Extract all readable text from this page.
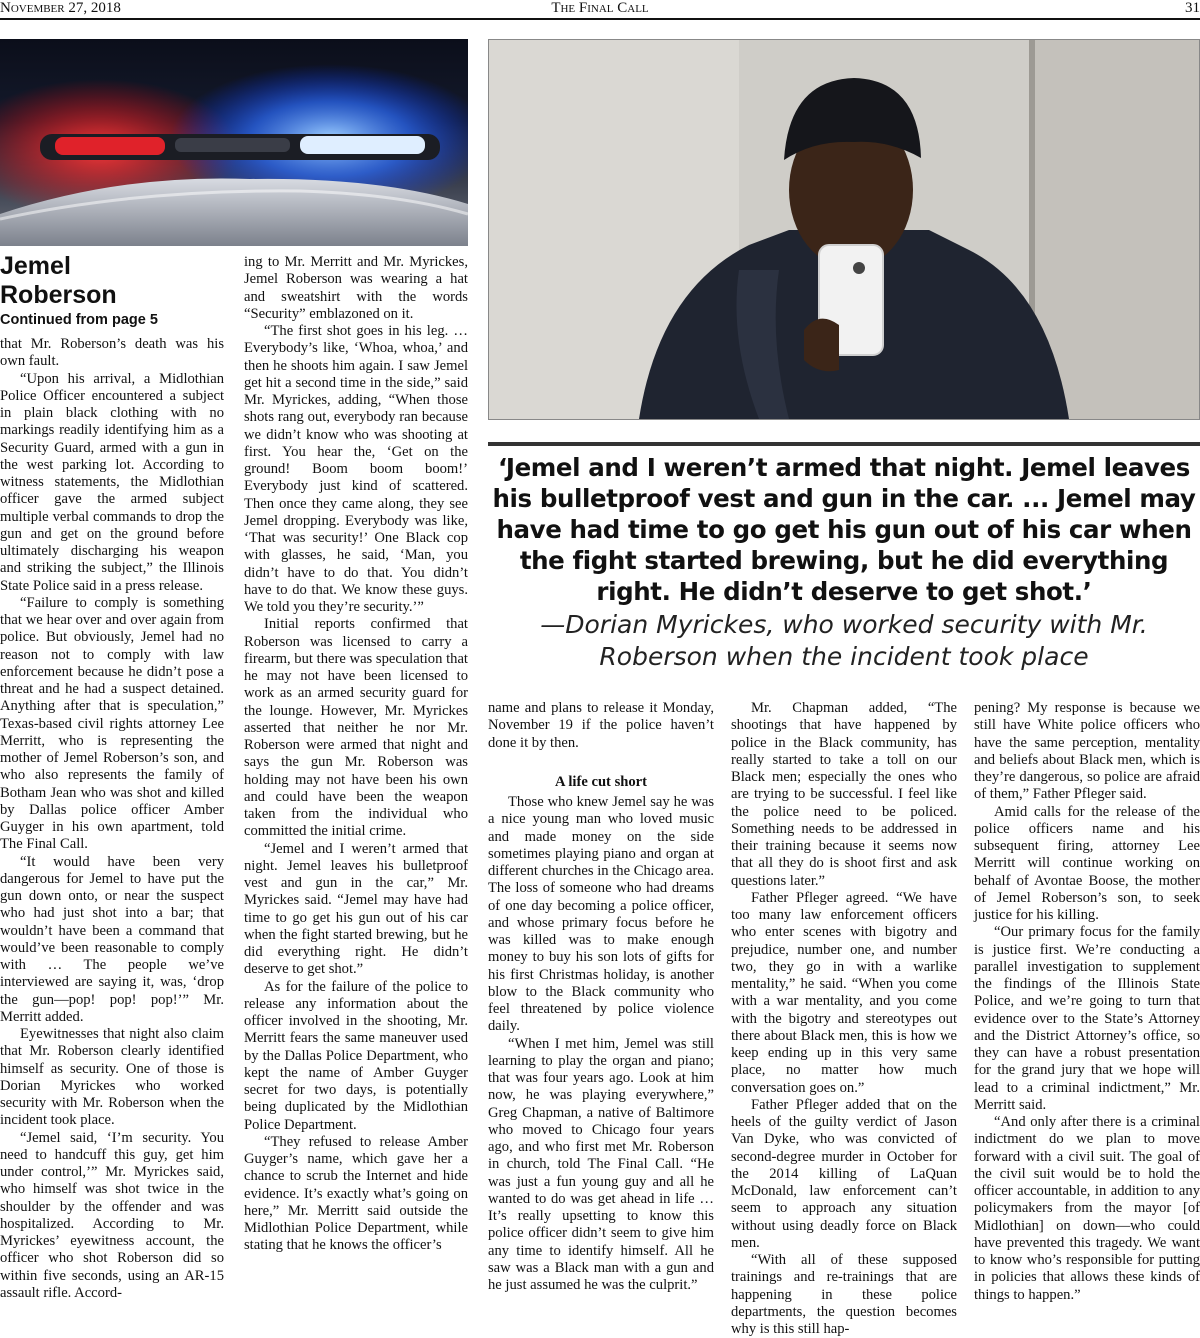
November 27, 2018	The Final Call	31
Jemel
Roberson
Continued from page 5

that Mr. Roberson’s death was his own fault.

“Upon his arrival, a Midlothian Police Officer encountered a subject in plain black clothing with no markings readily identifying him as a Security Guard, armed with a gun in the west parking lot. According to witness statements, the Midlothian officer gave the armed subject multiple verbal commands to drop the gun and get on the ground before ultimately discharging his weapon and striking the subject,” the Illinois State Police said in a press release.

“Failure to comply is something that we hear over and over again from police. But obviously, Jemel had no reason not to comply with law enforcement because he didn’t pose a threat and he had a suspect detained. Anything after that is speculation,” Texas-based civil rights attorney Lee Merritt, who is representing the mother of Jemel Roberson’s son, and who also represents the family of Botham Jean who was shot and killed by Dallas police officer Amber Guyger in his own apartment, told The Final Call.

“It would have been very dangerous for Jemel to have put the gun down onto, or near the suspect who had just shot into a bar; that wouldn’t have been a command that would’ve been reasonable to comply with … The people we’ve interviewed are saying it, was, ‘drop the gun—pop! pop! pop!’” Mr. Merritt added.

Eyewitnesses that night also claim that Mr. Roberson clearly identified himself as security. One of those is Dorian Myrickes who worked security with Mr. Roberson when the incident took place.

“Jemel said, ‘I’m security. You need to handcuff this guy, get him under control,’” Mr. Myrickes said, who himself was shot twice in the shoulder by the offender and was hospitalized. According to Mr. Myrickes’ eyewitness account, the officer who shot Roberson did so within five seconds, using an AR-15 assault rifle. Accord-

ing to Mr. Merritt and Mr. Myrickes, Jemel Roberson was wearing a hat and sweatshirt with the words “Security” emblazoned on it.

“The first shot goes in his leg. … Everybody’s like, ‘Whoa, whoa,’ and then he shoots him again. I saw Jemel get hit a second time in the side,” said Mr. Myrickes, adding, “When those shots rang out, everybody ran because we didn’t know who was shooting at first. You hear the, ‘Get on the ground! Boom boom boom!’ Everybody just kind of scattered. Then once they came along, they see Jemel dropping. Everybody was like, ‘That was security!’ One Black cop with glasses, he said, ‘Man, you didn’t have to do that. You didn’t have to do that. We know these guys. We told you they’re security.’”

Initial reports confirmed that Roberson was licensed to carry a firearm, but there was speculation that he may not have been licensed to work as an armed security guard for the lounge. However, Mr. Myrickes asserted that neither he nor Mr. Roberson were armed that night and says the gun Mr. Roberson was holding may not have been his own and could have been the weapon taken from the individual who committed the initial crime.

“Jemel and I weren’t armed that night. Jemel leaves his bulletproof vest and gun in the car,” Mr. Myrickes said. “Jemel may have had time to go get his gun out of his car when the fight started brewing, but he did everything right. He didn’t deserve to get shot.”

As for the failure of the police to release any information about the officer involved in the shooting, Mr. Merritt fears the same maneuver used by the Dallas Police Department, who kept the name of Amber Guyger secret for two days, is potentially being duplicated by the Midlothian Police Department.

“They refused to release Amber Guyger’s name, which gave her a chance to scrub the Internet and hide evidence. It’s exactly what’s going on here,” Mr. Merritt said outside the Midlothian Police Department, while stating that he knows the officer’s

‘Jemel and I weren’t armed that night. Jemel leaves his bulletproof vest and gun in the car. ... Jemel may have had time to go get his gun out of his car when the fight started brewing, but he did everything right. He didn’t deserve to get shot.’
—Dorian Myrickes, who worked security with Mr. Roberson when the incident took place

name and plans to release it Monday, November 19 if the police haven’t done it by then.

A life cut short

Those who knew Jemel say he was a nice young man who loved music and made money on the side sometimes playing piano and organ at different churches in the Chicago area. The loss of someone who had dreams of one day becoming a police officer, and whose primary focus before he was killed was to make enough money to buy his son lots of gifts for his first Christmas holiday, is another blow to the Black community who feel threatened by police violence daily.

“When I met him, Jemel was still learning to play the organ and piano; that was four years ago. Look at him now, he was playing everywhere,” Greg Chapman, a native of Baltimore who moved to Chicago four years ago, and who first met Mr. Roberson in church, told The Final Call. “He was just a fun young guy and all he wanted to do was get ahead in life … It’s really upsetting to know this police officer didn’t seem to give him any time to identify himself. All he saw was a Black man with a gun and he just assumed he was the culprit.”

Mr. Chapman added, “The shootings that have happened by police in the Black community, has really started to take a toll on our Black men; especially the ones who are trying to be successful. I feel like the police need to be policed. Something needs to be addressed in their training because it seems now that all they do is shoot first and ask questions later.”

Father Pfleger agreed. “We have too many law enforcement officers who enter scenes with bigotry and prejudice, number one, and number two, they go in with a warlike mentality,” he said. “When you come with a war mentality, and you come with the bigotry and stereotypes out there about Black men, this is how we keep ending up in this very same place, no matter how much conversation goes on.”

Father Pfleger added that on the heels of the guilty verdict of Jason Van Dyke, who was convicted of second-degree murder in October for the 2014 killing of LaQuan McDonald, law enforcement can’t seem to approach any situation without using deadly force on Black men.

“With all of these supposed trainings and re-trainings that are happening in these police departments, the question becomes why is this still hap-

pening? My response is because we still have White police officers who have the same perception, mentality and beliefs about Black men, which is they’re dangerous, so police are afraid of them,” Father Pfleger said.

Amid calls for the release of the police officers name and his subsequent firing, attorney Lee Merritt will continue working on behalf of Avontae Boose, the mother of Jemel Roberson’s son, to seek justice for his killing.

“Our primary focus for the family is justice first. We’re conducting a parallel investigation to supplement the findings of the Illinois State Police, and we’re going to turn that evidence over to the State’s Attorney and the District Attorney’s office, so they can have a robust presentation for the grand jury that we hope will lead to a criminal indictment,” Mr. Merritt said.

“And only after there is a criminal indictment do we plan to move forward with a civil suit. The goal of the civil suit would be to hold the officer accountable, in addition to any policymakers from the mayor [of Midlothian] on down—who could have prevented this tragedy. We want to know who’s responsible for putting in policies that allows these kinds of things to happen.”
